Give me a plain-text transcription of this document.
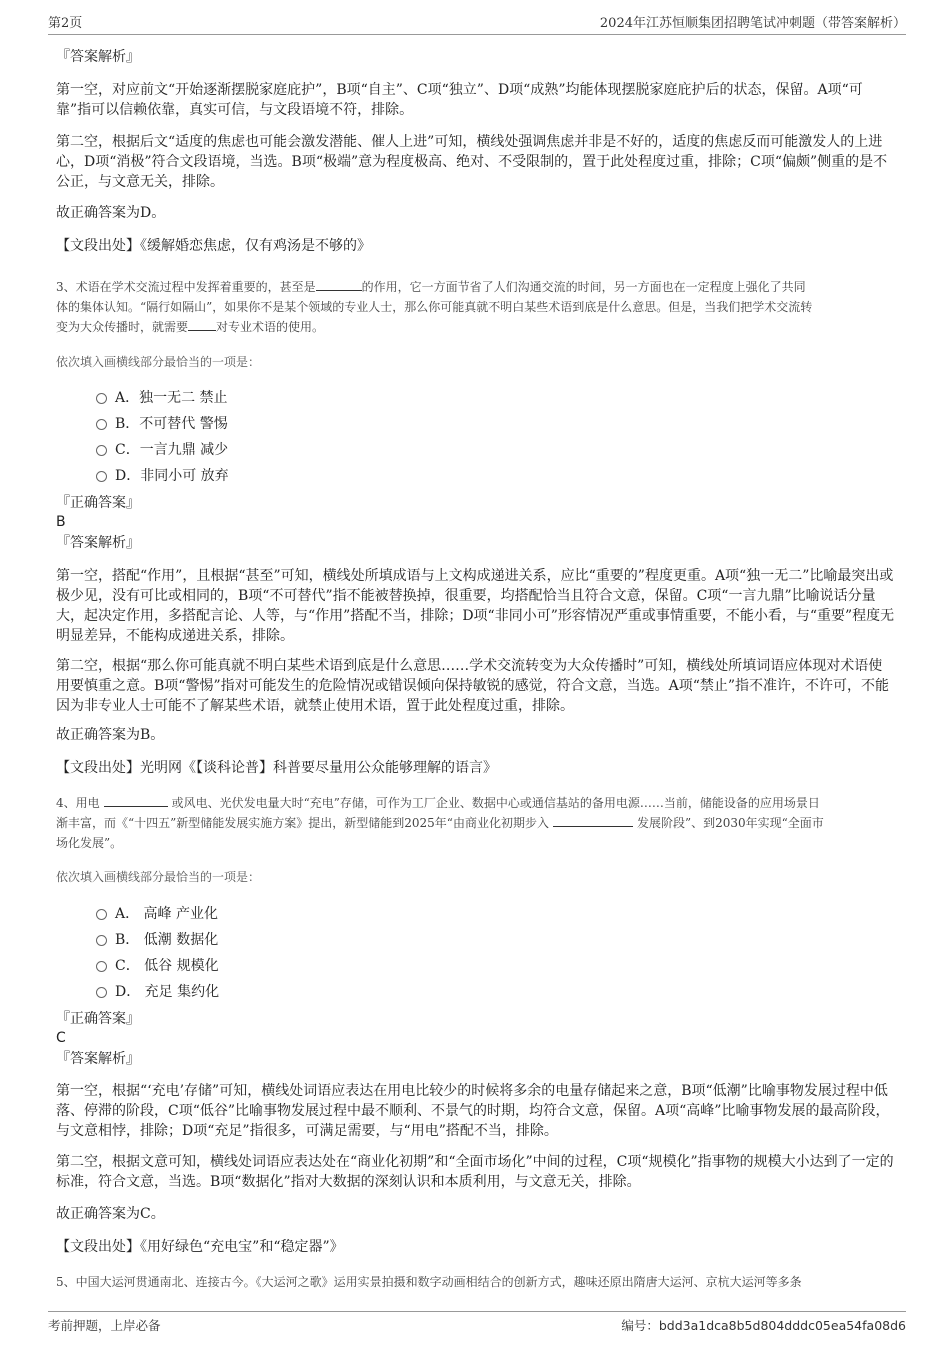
第2页	2024年江苏恒顺集团招聘笔试冲刺题（带答案解析）
『答案解析』

第一空，对应前文“开始逐渐摆脱家庭庇护”，B项“自主”、C项“独立”、D项“成熟”均能体现摆脱家庭庇护后的状态，保留。A项“可靠”指可以信赖依靠，真实可信，与文段语境不符，排除。

第二空，根据后文“适度的焦虑也可能会激发潜能、催人上进”可知，横线处强调焦虑并非是不好的，适度的焦虑反而可能激发人的上进心，D项“消极”符合文段语境，当选。B项“极端”意为程度极高、绝对、不受限制的，置于此处程度过重，排除；C项“偏颇”侧重的是不公正，与文意无关，排除。

故正确答案为D。

【文段出处】《缓解婚恋焦虑，仅有鸡汤是不够的》

3、术语在学术交流过程中发挥着重要的，甚至是	的作用，它一方面节省了人们沟通交流的时间，另一方面也在一定程度上强化了共同
体的集体认知。“隔行如隔山”，如果你不是某个领域的专业人士，那么你可能真就不明白某些术语到底是什么意思。但是，当我们把学术交流转
变为大众传播时，就需要 对专业术语的使用。
依次填入画横线部分最恰当的一项是：
A．独一无二 禁止
B．不可替代 警惕
C．一言九鼎 减少
D．非同小可 放弃
『正确答案』
B
『答案解析』

第一空，搭配“作用”，且根据“甚至”可知，横线处所填成语与上文构成递进关系，应比“重要的”程度更重。A项“独一无二”比喻最突出或极少见，没有可比或相同的，B项“不可替代”指不能被替换掉，很重要，均搭配恰当且符合文意，保留。C项“一言九鼎”比喻说话分量大，起决定作用，多搭配言论、人等，与“作用”搭配不当，排除；D项“非同小可”形容情况严重或事情重要，不能小看，与“重要”程度无明显差异，不能构成递进关系，排除。

第二空，根据“那么你可能真就不明白某些术语到底是什么意思……学术交流转变为大众传播时”可知，横线处所填词语应体现对术语使用要慎重之意。B项“警惕”指对可能发生的危险情况或错误倾向保持敏锐的感觉，符合文意，当选。A项“禁止”指不准许，不许可，不能因为非专业人士可能不了解某些术语，就禁止使用术语，置于此处程度过重，排除。

故正确答案为B。

【文段出处】光明网《【谈科论普】科普要尽量用公众能够理解的语言》

4、用电	或风电、光伏发电量大时“充电”存储，可作为工厂企业、数据中心或通信基站的备用电源……当前，储能设备的应用场景日
渐丰富，而《“十四五”新型储能发展实施方案》提出，新型储能到2025年“由商业化初期步入	发展阶段”、到2030年实现“全面市
场化发展”。
依次填入画横线部分最恰当的一项是：
A． 高峰 产业化
B． 低潮 数据化
C． 低谷 规模化
D． 充足 集约化
『正确答案』
C
『答案解析』

第一空，根据“‘充电’存储”可知，横线处词语应表达在用电比较少的时候将多余的电量存储起来之意，B项“低潮”比喻事物发展过程中低落、停滞的阶段，C项“低谷”比喻事物发展过程中最不顺利、不景气的时期，均符合文意，保留。A项“高峰”比喻事物发展的最高阶段，与文意相悖，排除；D项“充足”指很多，可满足需要，与“用电”搭配不当，排除。

第二空，根据文意可知，横线处词语应表达处在“商业化初期”和“全面市场化”中间的过程，C项“规模化”指事物的规模大小达到了一定的标准，符合文意，当选。B项“数据化”指对大数据的深刻认识和本质利用，与文意无关，排除。

故正确答案为C。

【文段出处】《用好绿色“充电宝”和“稳定器”》

5、中国大运河贯通南北、连接古今。《大运河之歌》运用实景拍摄和数字动画相结合的创新方式，趣味还原出隋唐大运河、京杭大运河等多条
考前押题，上岸必备	编号：bdd3a1dca8b5d804dddc05ea54fa08d6
